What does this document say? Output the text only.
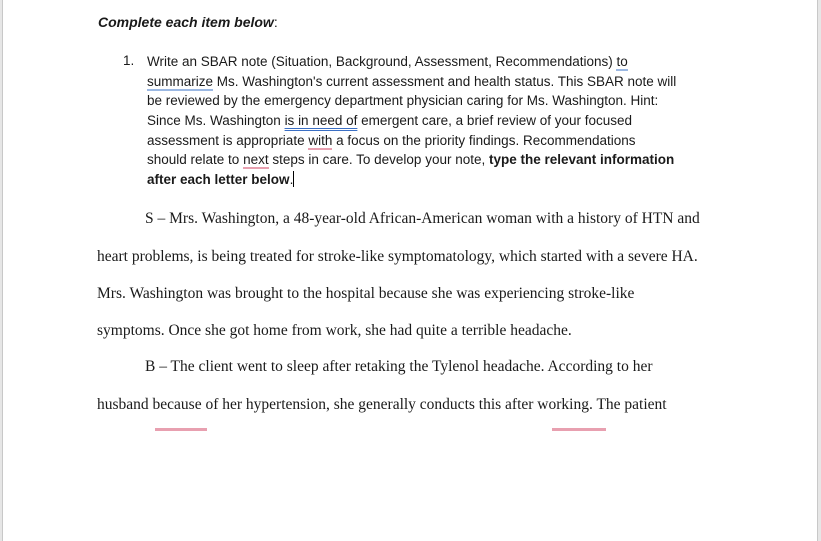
Complete each item below:
1. Write an SBAR note (Situation, Background, Assessment, Recommendations) to
summarize Ms. Washington's current assessment and health status. This SBAR note will
be reviewed by the emergency department physician caring for Ms. Washington. Hint:
Since Ms. Washington is in need of emergent care, a brief review of your focused
assessment is appropriate with a focus on the priority findings. Recommendations
should relate to next steps in care. To develop your note, type the relevant information
after each letter below.
S – Mrs. Washington, a 48-year-old African-American woman with a history of HTN and
heart problems, is being treated for stroke-like symptomatology, which started with a severe HA.
Mrs. Washington was brought to the hospital because she was experiencing stroke-like
symptoms. Once she got home from work, she had quite a terrible headache.
B – The client went to sleep after retaking the Tylenol headache. According to her
husband because of her hypertension, she generally conducts this after working. The patient
